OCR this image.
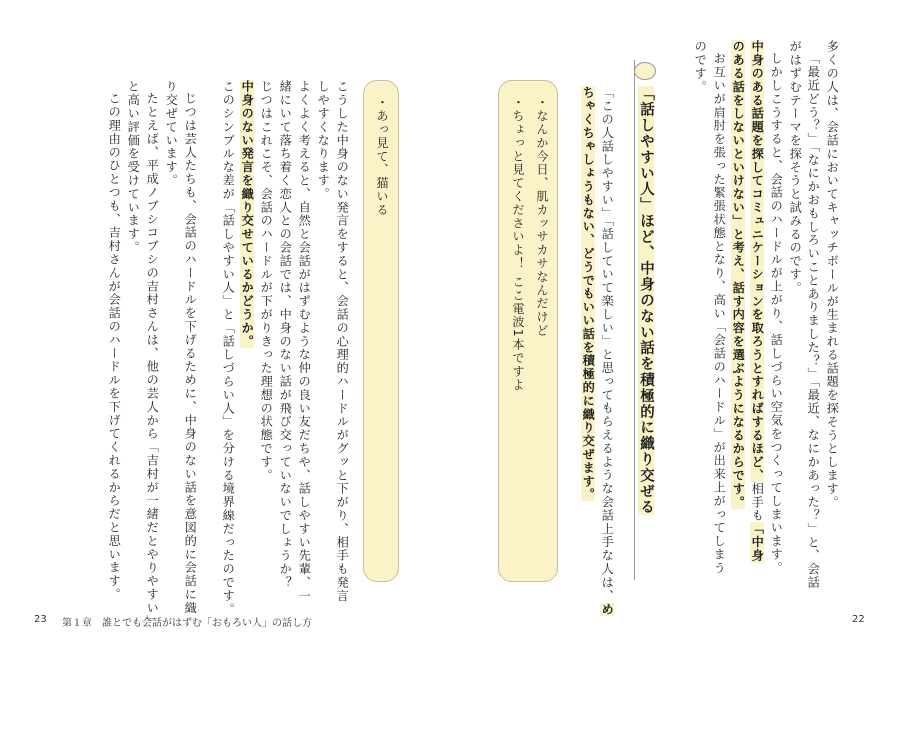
多くの人は、会話においてキャッチボールが生まれる話題を探そうとします。
「最近どう？」「なにかおもしろいことありました？」「最近、なにかあった？」と、会話
がはずむテーマを探そうと試みるのです。
しかしこうすると、会話のハードルが上がり、話しづらい空気をつくってしまいます。
中身のある話題を探してコミュニケーションを取ろうとすればするほど、相手も「中身
のある話をしないといけない」と考え、話す内容を選ぶようになるからです。
お互いが肩肘を張った緊張状態となり、高い「会話のハードル」が出来上がってしまう
のです。
「話しやすい人」ほど、中身のない話を積極的に織り交ぜる
「この人話しやすい」「話していて楽しい」と思ってもらえるような会話上手な人は、め
ちゃくちゃしょうもない、どうでもいい話を積極的に織り交ぜます。
・なんか今日、肌カッサカサなんだけど
・ちょっと見てくださいよ！ ここ電波1本ですよ
・あっ見て、猫いる
こうした中身のない発言をすると、会話の心理的ハードルがグッと下がり、相手も発言
しやすくなります。
よくよく考えると、自然と会話がはずむような仲の良い友だちや、話しやすい先輩、一
緒にいて落ち着く恋人との会話では、中身のない話が飛び交っていないでしょうか？
じつはこれこそ、会話のハードルが下がりきった理想の状態です。
中身のない発言を織り交せているかどうか。
このシンプルな差が「話しやすい人」と「話しづらい人」を分ける境界線だったのです。
じつは芸人たちも、会話のハードルを下げるために、中身のない話を意図的に会話に織
り交ぜています。
たとえば、平成ノブシコブシの吉村さんは、他の芸人から「吉村が一緒だとやりやすい」
と高い評価を受けています。
この理由のひとつも、吉村さんが会話のハードルを下げてくれるからだと思います。
23 第１章　誰とでも会話がはずむ「おもろい人」の話し方	22
